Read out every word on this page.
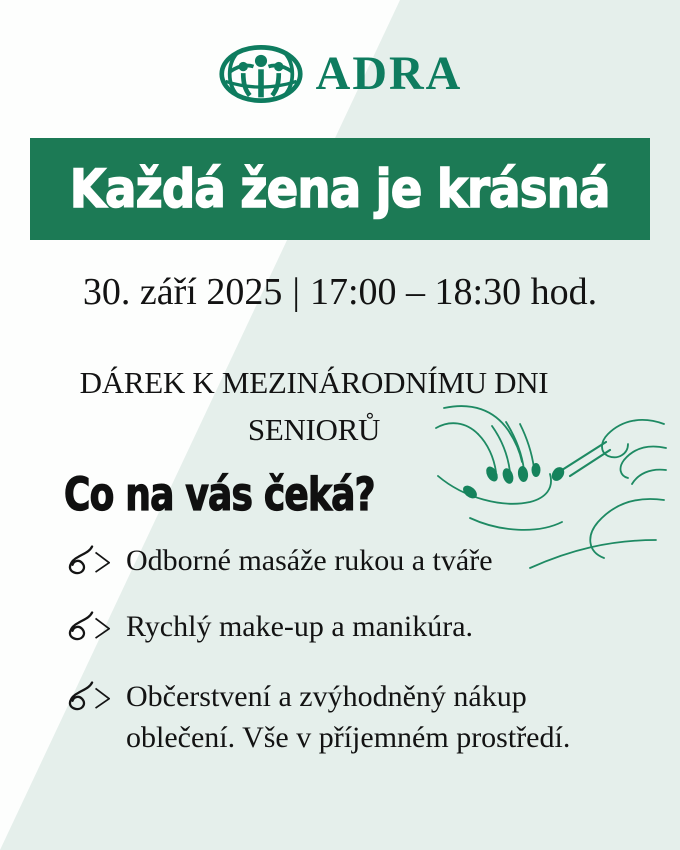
ADRA
Každá žena je krásná
30. září 2025 | 17:00 – 18:30 hod.
DÁREK K MEZINÁRODNÍMU DNI
SENIORŮ
Co na vás čeká?
Odborné masáže rukou a tváře
Rychlý make-up a manikúra.
Občerstvení a zvýhodněný nákup oblečení. Vše v příjemném prostředí.
